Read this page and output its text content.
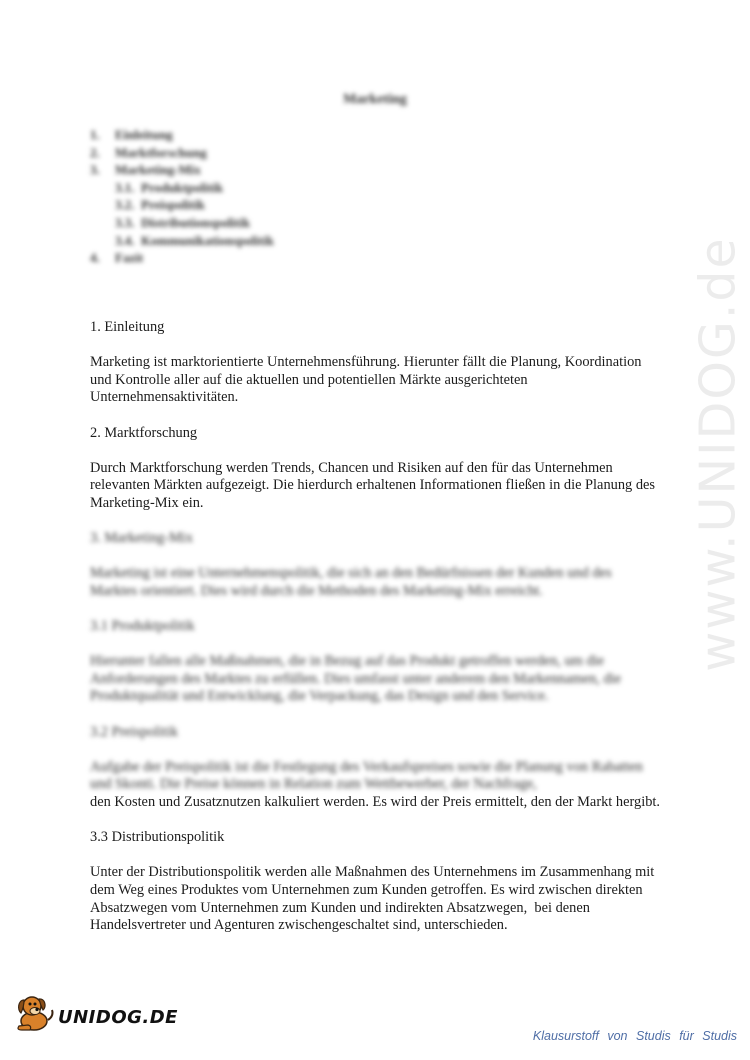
www.UNIDOG.de
Marketing
1.	Einleitung
2.	Marktforschung
3.	Marketing-Mix
3.1. Produktpolitik
3.2. Preispolitik
3.3. Distributionspolitik
3.4. Kommunikationspolitik
4.	Fazit

1. Einleitung

Marketing ist marktorientierte Unternehmensführung. Hierunter fällt die Planung, Koordination und Kontrolle aller auf die aktuellen und potentiellen Märkte ausgerichteten Unternehmensaktivitäten.

2. Marktforschung

Durch Marktforschung werden Trends, Chancen und Risiken auf den für das Unternehmen relevanten Märkten aufgezeigt. Die hierdurch erhaltenen Informationen fließen in die Planung des Marketing-Mix ein.

3. Marketing-Mix

Marketing ist eine Unternehmenspolitik, die sich an den Bedürfnissen der Kunden und des Marktes orientiert. Dies wird durch die Methoden des Marketing-Mix erreicht.

3.1 Produktpolitik

Hierunter fallen alle Maßnahmen, die in Bezug auf das Produkt getroffen werden, um die Anforderungen des Marktes zu erfüllen. Dies umfasst unter anderem den Markennamen, die Produktqualität und Entwicklung, die Verpackung, das Design und den Service.

3.2 Preispolitik

Aufgabe der Preispolitik ist die Festlegung des Verkaufspreises sowie die Planung von Rabatten und Skonti. Die Preise können in Relation zum Wettbewerber, der Nachfrage,

den Kosten und Zusatznutzen kalkuliert werden. Es wird der Preis ermittelt, den der Markt hergibt.

3.3 Distributionspolitik

Unter der Distributionspolitik werden alle Maßnahmen des Unternehmens im Zusammenhang mit dem Weg eines Produktes vom Unternehmen zum Kunden getroffen. Es wird zwischen direkten Absatzwegen vom Unternehmen zum Kunden und indirekten Absatzwegen,  bei denen Handelsvertreter und Agenturen zwischengeschaltet sind, unterschieden.

UNIDOG.DE
Klausurstoff von Studis für Studis
